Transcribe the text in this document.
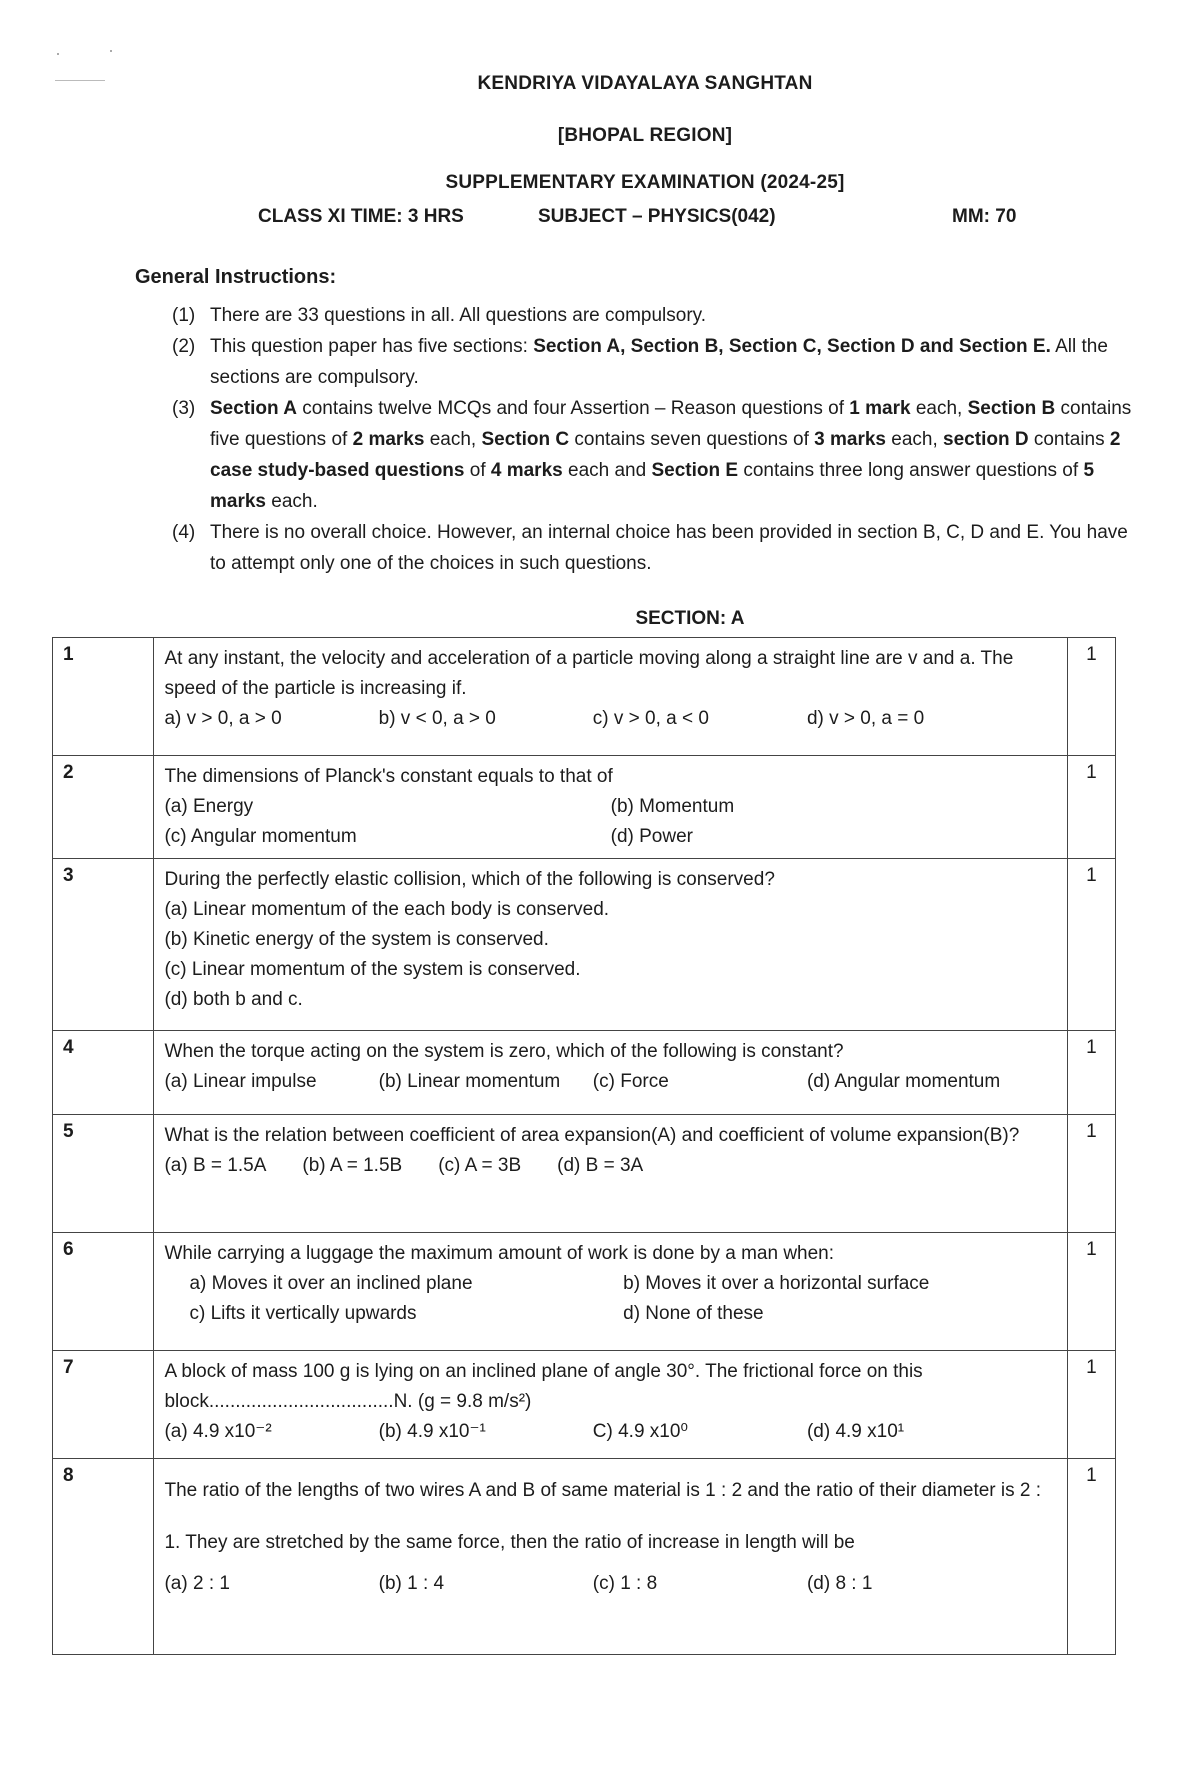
KENDRIYA VIDAYALAYA SANGHTAN
[BHOPAL REGION]
SUPPLEMENTARY EXAMINATION (2024-25]
CLASS XI TIME: 3 HRS	SUBJECT – PHYSICS(042)	MM: 70
General Instructions:
(1) There are 33 questions in all. All questions are compulsory.
(2) This question paper has five sections: Section A, Section B, Section C, Section D and Section E. All the sections are compulsory.
(3) Section A contains twelve MCQs and four Assertion – Reason questions of 1 mark each, Section B contains five questions of 2 marks each, Section C contains seven questions of 3 marks each, section D contains 2 case study-based questions of 4 marks each and Section E contains three long answer questions of 5 marks each.
(4) There is no overall choice. However, an internal choice has been provided in section B, C, D and E. You have to attempt only one of the choices in such questions.
SECTION: A
1	At any instant, the velocity and acceleration of a particle moving along a straight line are v and a. The speed of the particle is increasing if.
a) v > 0, a > 0 b) v < 0, a > 0 c) v > 0, a < 0 d) v > 0, a = 0	1
2	The dimensions of Planck's constant equals to that of
(a) Energy (b) Momentum
(c) Angular momentum (d) Power	1
3	During the perfectly elastic collision, which of the following is conserved?
(a) Linear momentum of the each body is conserved.
(b) Kinetic energy of the system is conserved.
(c) Linear momentum of the system is conserved.
(d) both b and c.	1
4	When the torque acting on the system is zero, which of the following is constant?
(a) Linear impulse (b) Linear momentum (c) Force (d) Angular momentum	1
5	What is the relation between coefficient of area expansion(A) and coefficient of volume expansion(B)?
(a) B = 1.5A (b) A = 1.5B (c) A = 3B (d) B = 3A	1
6	While carrying a luggage the maximum amount of work is done by a man when:
a) Moves it over an inclined plane b) Moves it over a horizontal surface
c) Lifts it vertically upwards d) None of these	1
7	A block of mass 100 g is lying on an inclined plane of angle 30°. The frictional force on this block...................................N. (g = 9.8 m/s²)
(a) 4.9 x10⁻² (b) 4.9 x10⁻¹ C) 4.9 x10⁰ (d) 4.9 x10¹	1
8	The ratio of the lengths of two wires A and B of same material is 1 : 2 and the ratio of their diameter is 2 : 1. They are stretched by the same force, then the ratio of increase in length will be
(a) 2 : 1 (b) 1 : 4 (c) 1 : 8 (d) 8 : 1	1
